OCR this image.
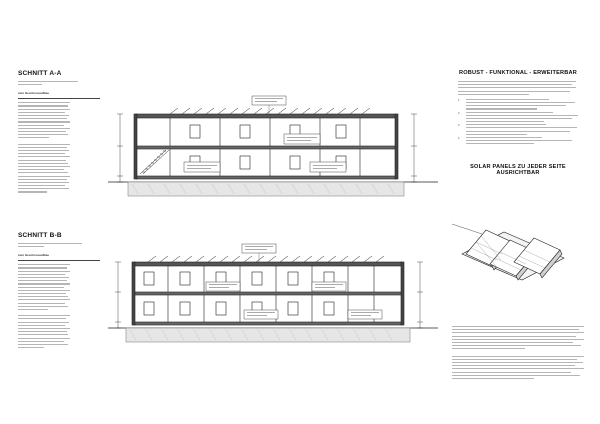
SCHNITT A-A
zum Geschossaufbau
SCHNITT B-B
zum Geschossaufbau
ROBUST - FUNKTIONAL - ERWEITERBAR
1
2
3
4
SOLAR PANELS ZU JEDER SEITE AUSRICHTBAR
